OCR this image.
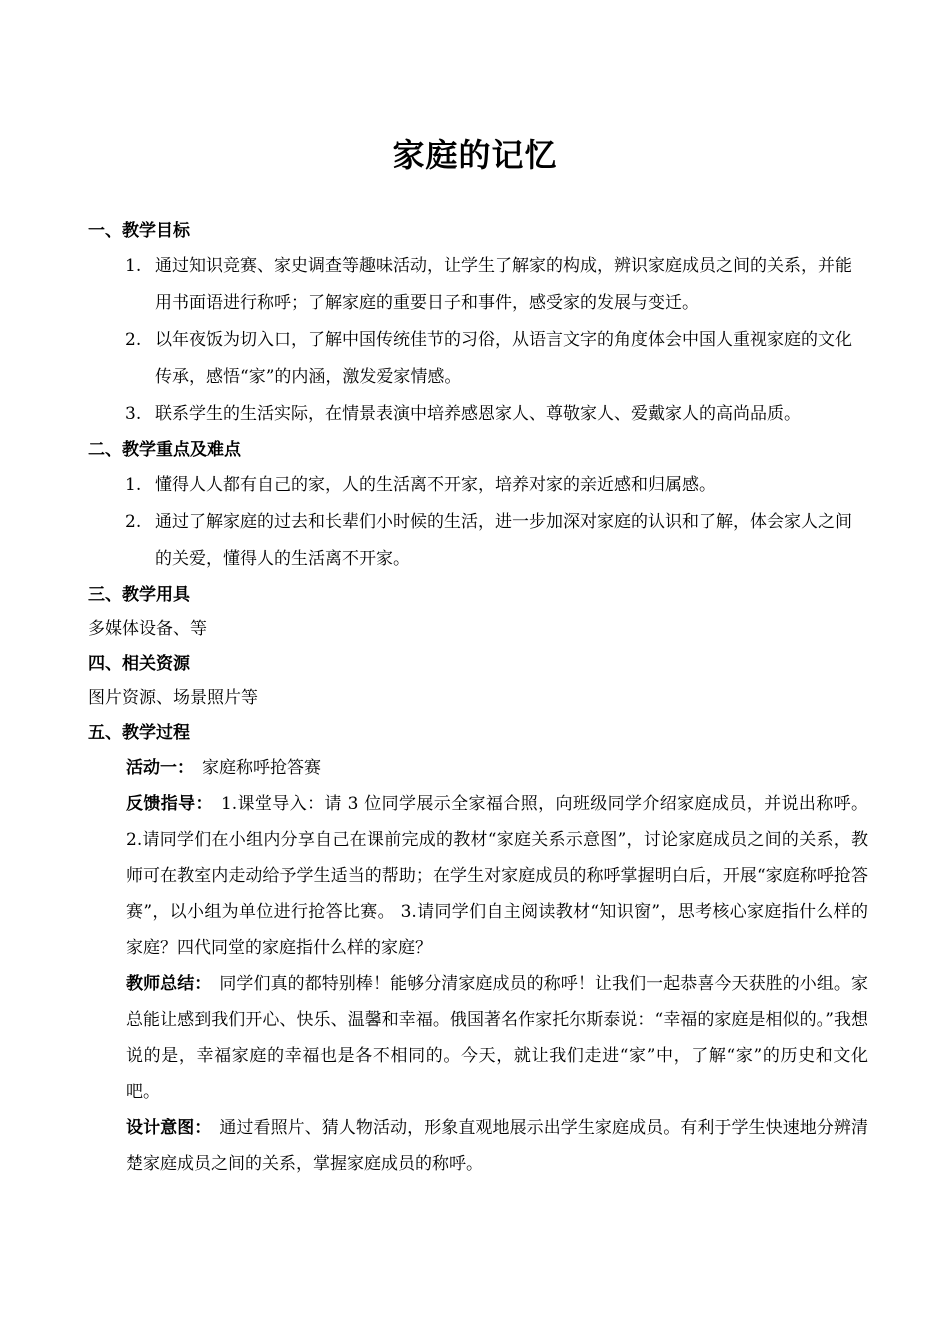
家庭的记忆
一、教学目标
1. 通过知识竞赛、家史调查等趣味活动，让学生了解家的构成，辨识家庭成员之间的关系，并能用书面语进行称呼；了解家庭的重要日子和事件，感受家的发展与变迁。
2. 以年夜饭为切入口，了解中国传统佳节的习俗，从语言文字的角度体会中国人重视家庭的文化传承，感悟“家”的内涵，激发爱家情感。
3. 联系学生的生活实际，在情景表演中培养感恩家人、尊敬家人、爱戴家人的高尚品质。
二、教学重点及难点
1. 懂得人人都有自己的家，人的生活离不开家，培养对家的亲近感和归属感。
2. 通过了解家庭的过去和长辈们小时候的生活，进一步加深对家庭的认识和了解，体会家人之间的关爱，懂得人的生活离不开家。
三、教学用具
多媒体设备、等
四、相关资源
图片资源、场景照片等
五、教学过程

活动一： 家庭称呼抢答赛

反馈指导： 1.课堂导入：请 3 位同学展示全家福合照，向班级同学介绍家庭成员，并说出称呼。 2.请同学们在小组内分享自己在课前完成的教材“家庭关系示意图”，讨论家庭成员之间的关系，教师可在教室内走动给予学生适当的帮助；在学生对家庭成员的称呼掌握明白后，开展“家庭称呼抢答赛”，以小组为单位进行抢答比赛。 3.请同学们自主阅读教材“知识窗”，思考核心家庭指什么样的家庭？四代同堂的家庭指什么样的家庭？

教师总结： 同学们真的都特别棒！能够分清家庭成员的称呼！让我们一起恭喜今天获胜的小组。家总能让感到我们开心、快乐、温馨和幸福。俄国著名作家托尔斯泰说：“幸福的家庭是相似的。”我想说的是，幸福家庭的幸福也是各不相同的。今天，就让我们走进“家”中，了解“家”的历史和文化吧。

设计意图： 通过看照片、猜人物活动，形象直观地展示出学生家庭成员。有利于学生快速地分辨清楚家庭成员之间的关系，掌握家庭成员的称呼。
